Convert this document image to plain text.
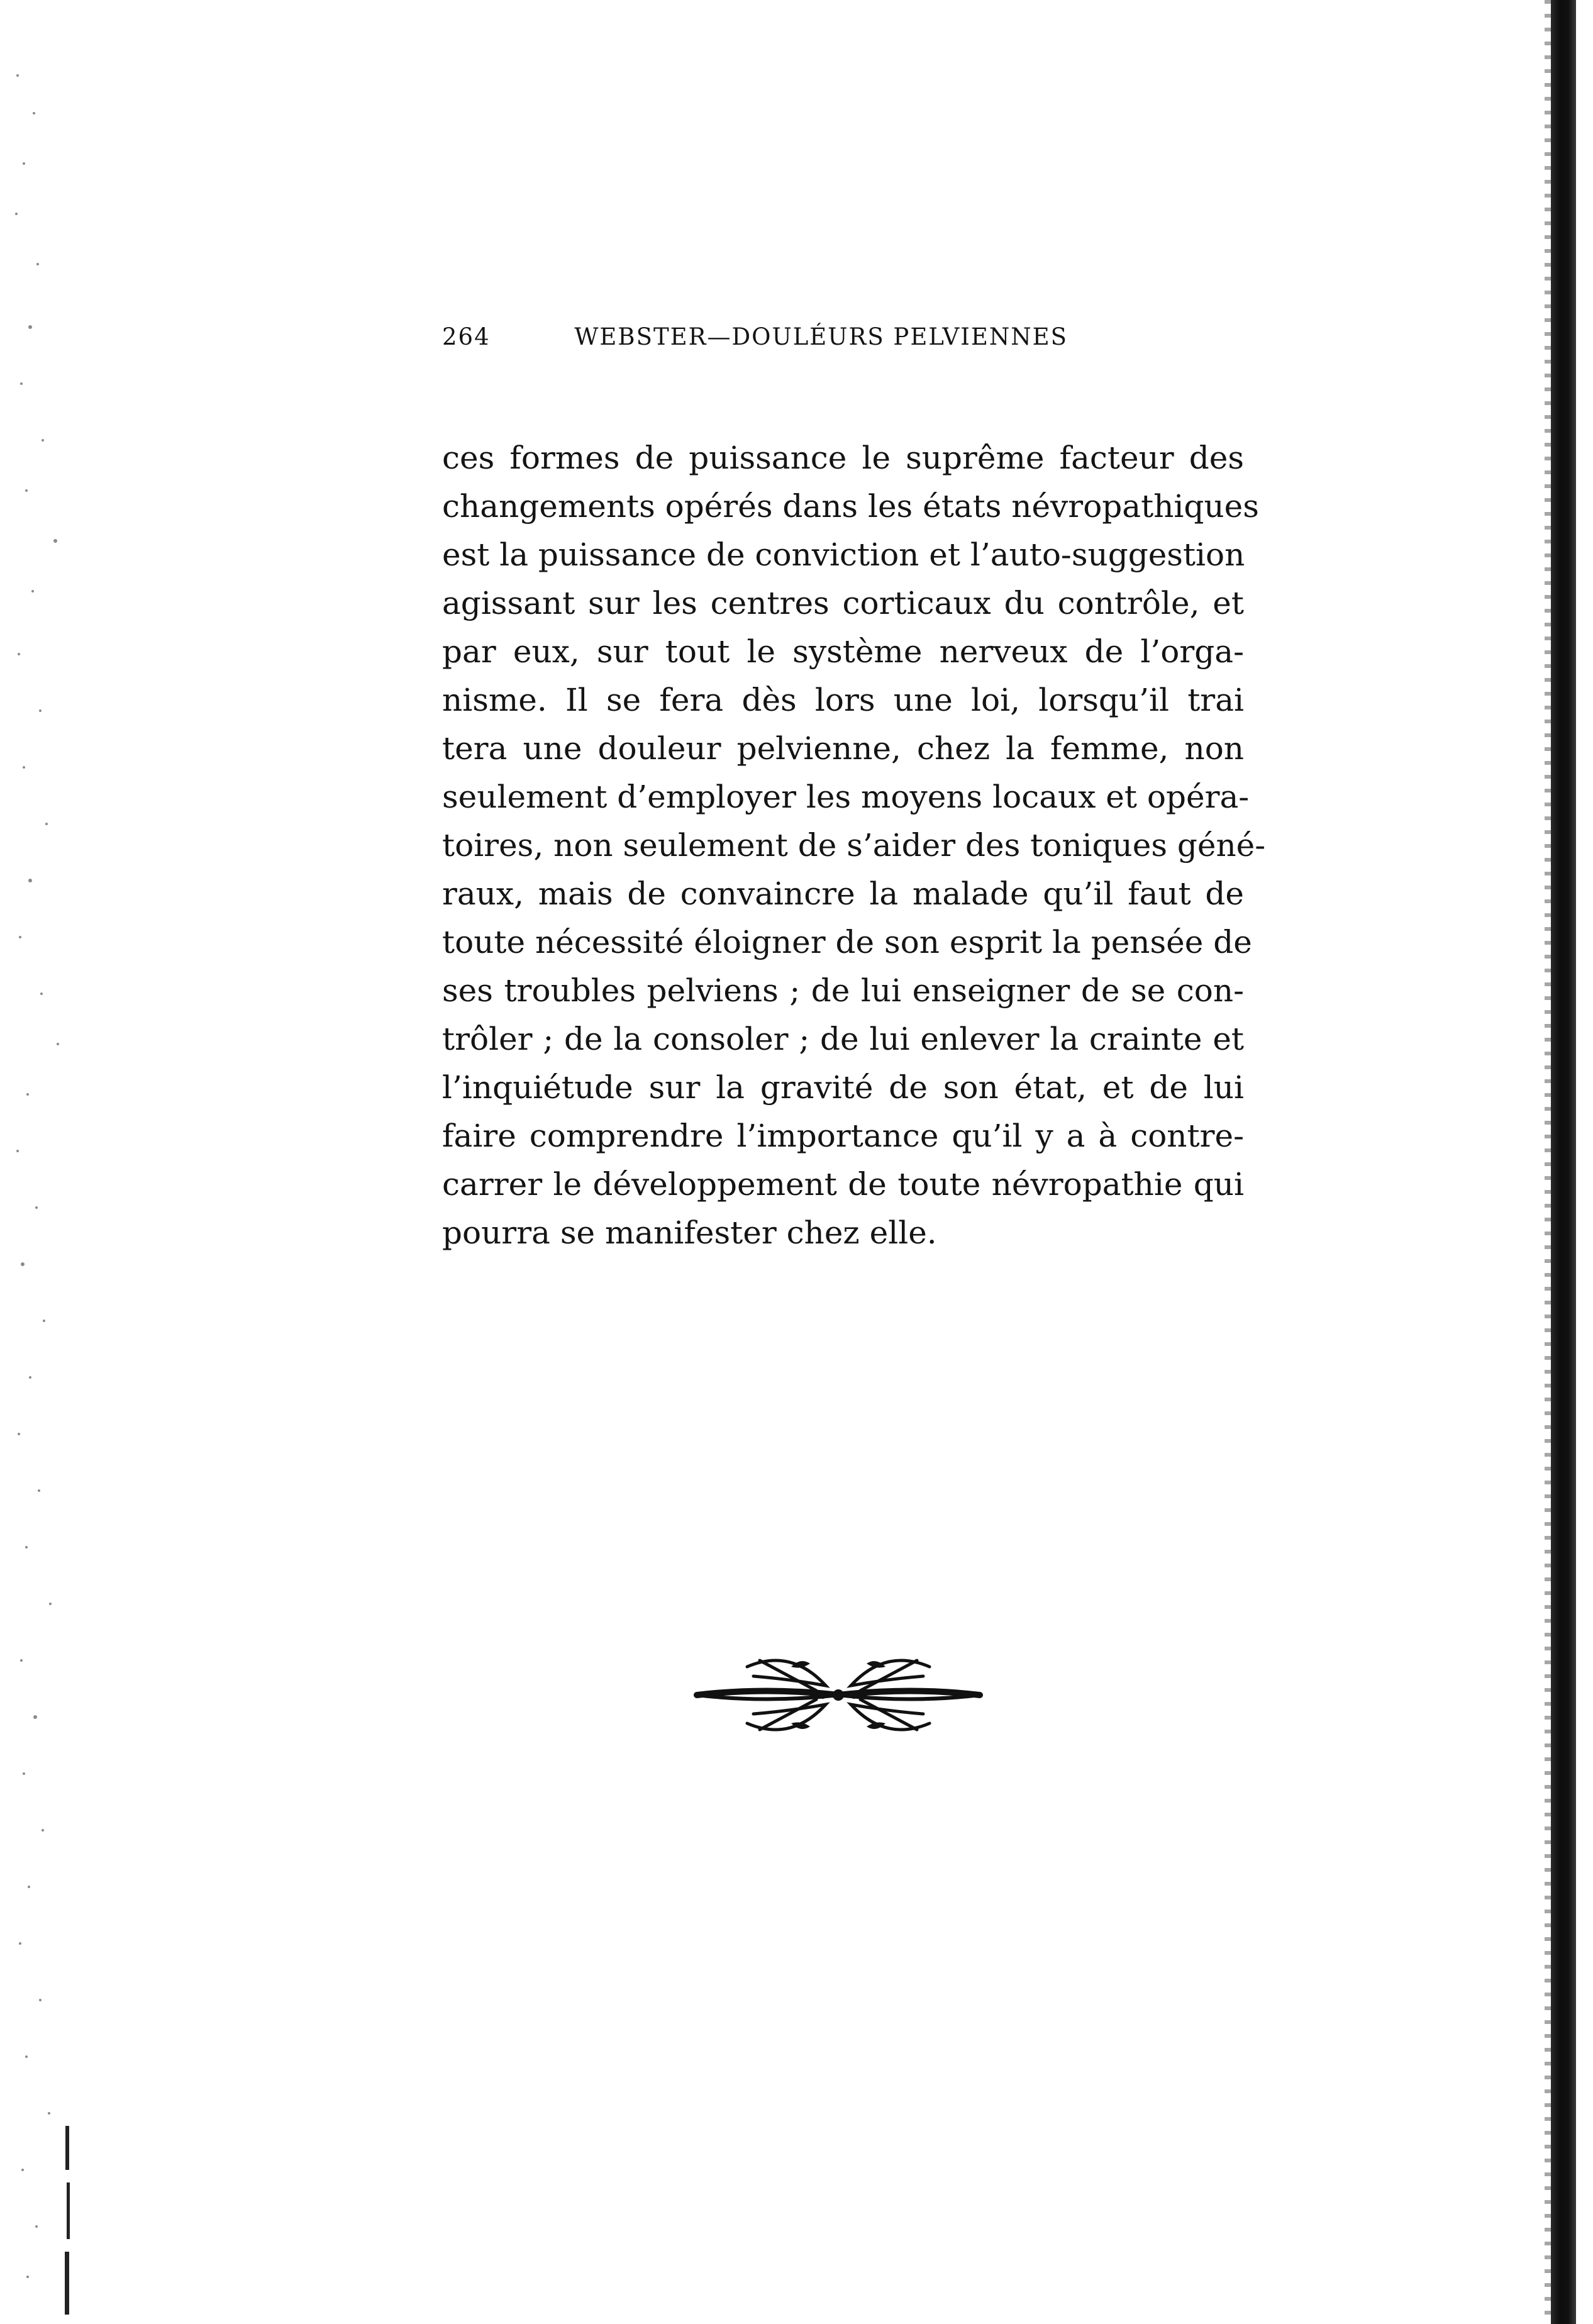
264	WEBSTER—DOULÉURS PELVIENNES
ces formes de puissance le suprême facteur des
changements opérés dans les états névropathiques
est la puissance de conviction et l’auto-suggestion
agissant sur les centres corticaux du contrôle, et
par eux, sur tout le système nerveux de l’orga-
nisme. Il se fera dès lors une loi, lorsqu’il trai
tera une douleur pelvienne, chez la femme, non
seulement d’employer les moyens locaux et opéra-
toires, non seulement de s’aider des toniques géné-
raux, mais de convaincre la malade qu’il faut de
toute nécessité éloigner de son esprit la pensée de
ses troubles pelviens ; de lui enseigner de se con-
trôler ; de la consoler ; de lui enlever la crainte et
l’inquiétude sur la gravité de son état, et de lui
faire comprendre l’importance qu’il y a à contre-
carrer le développement de toute névropathie qui
pourra se manifester chez elle.
